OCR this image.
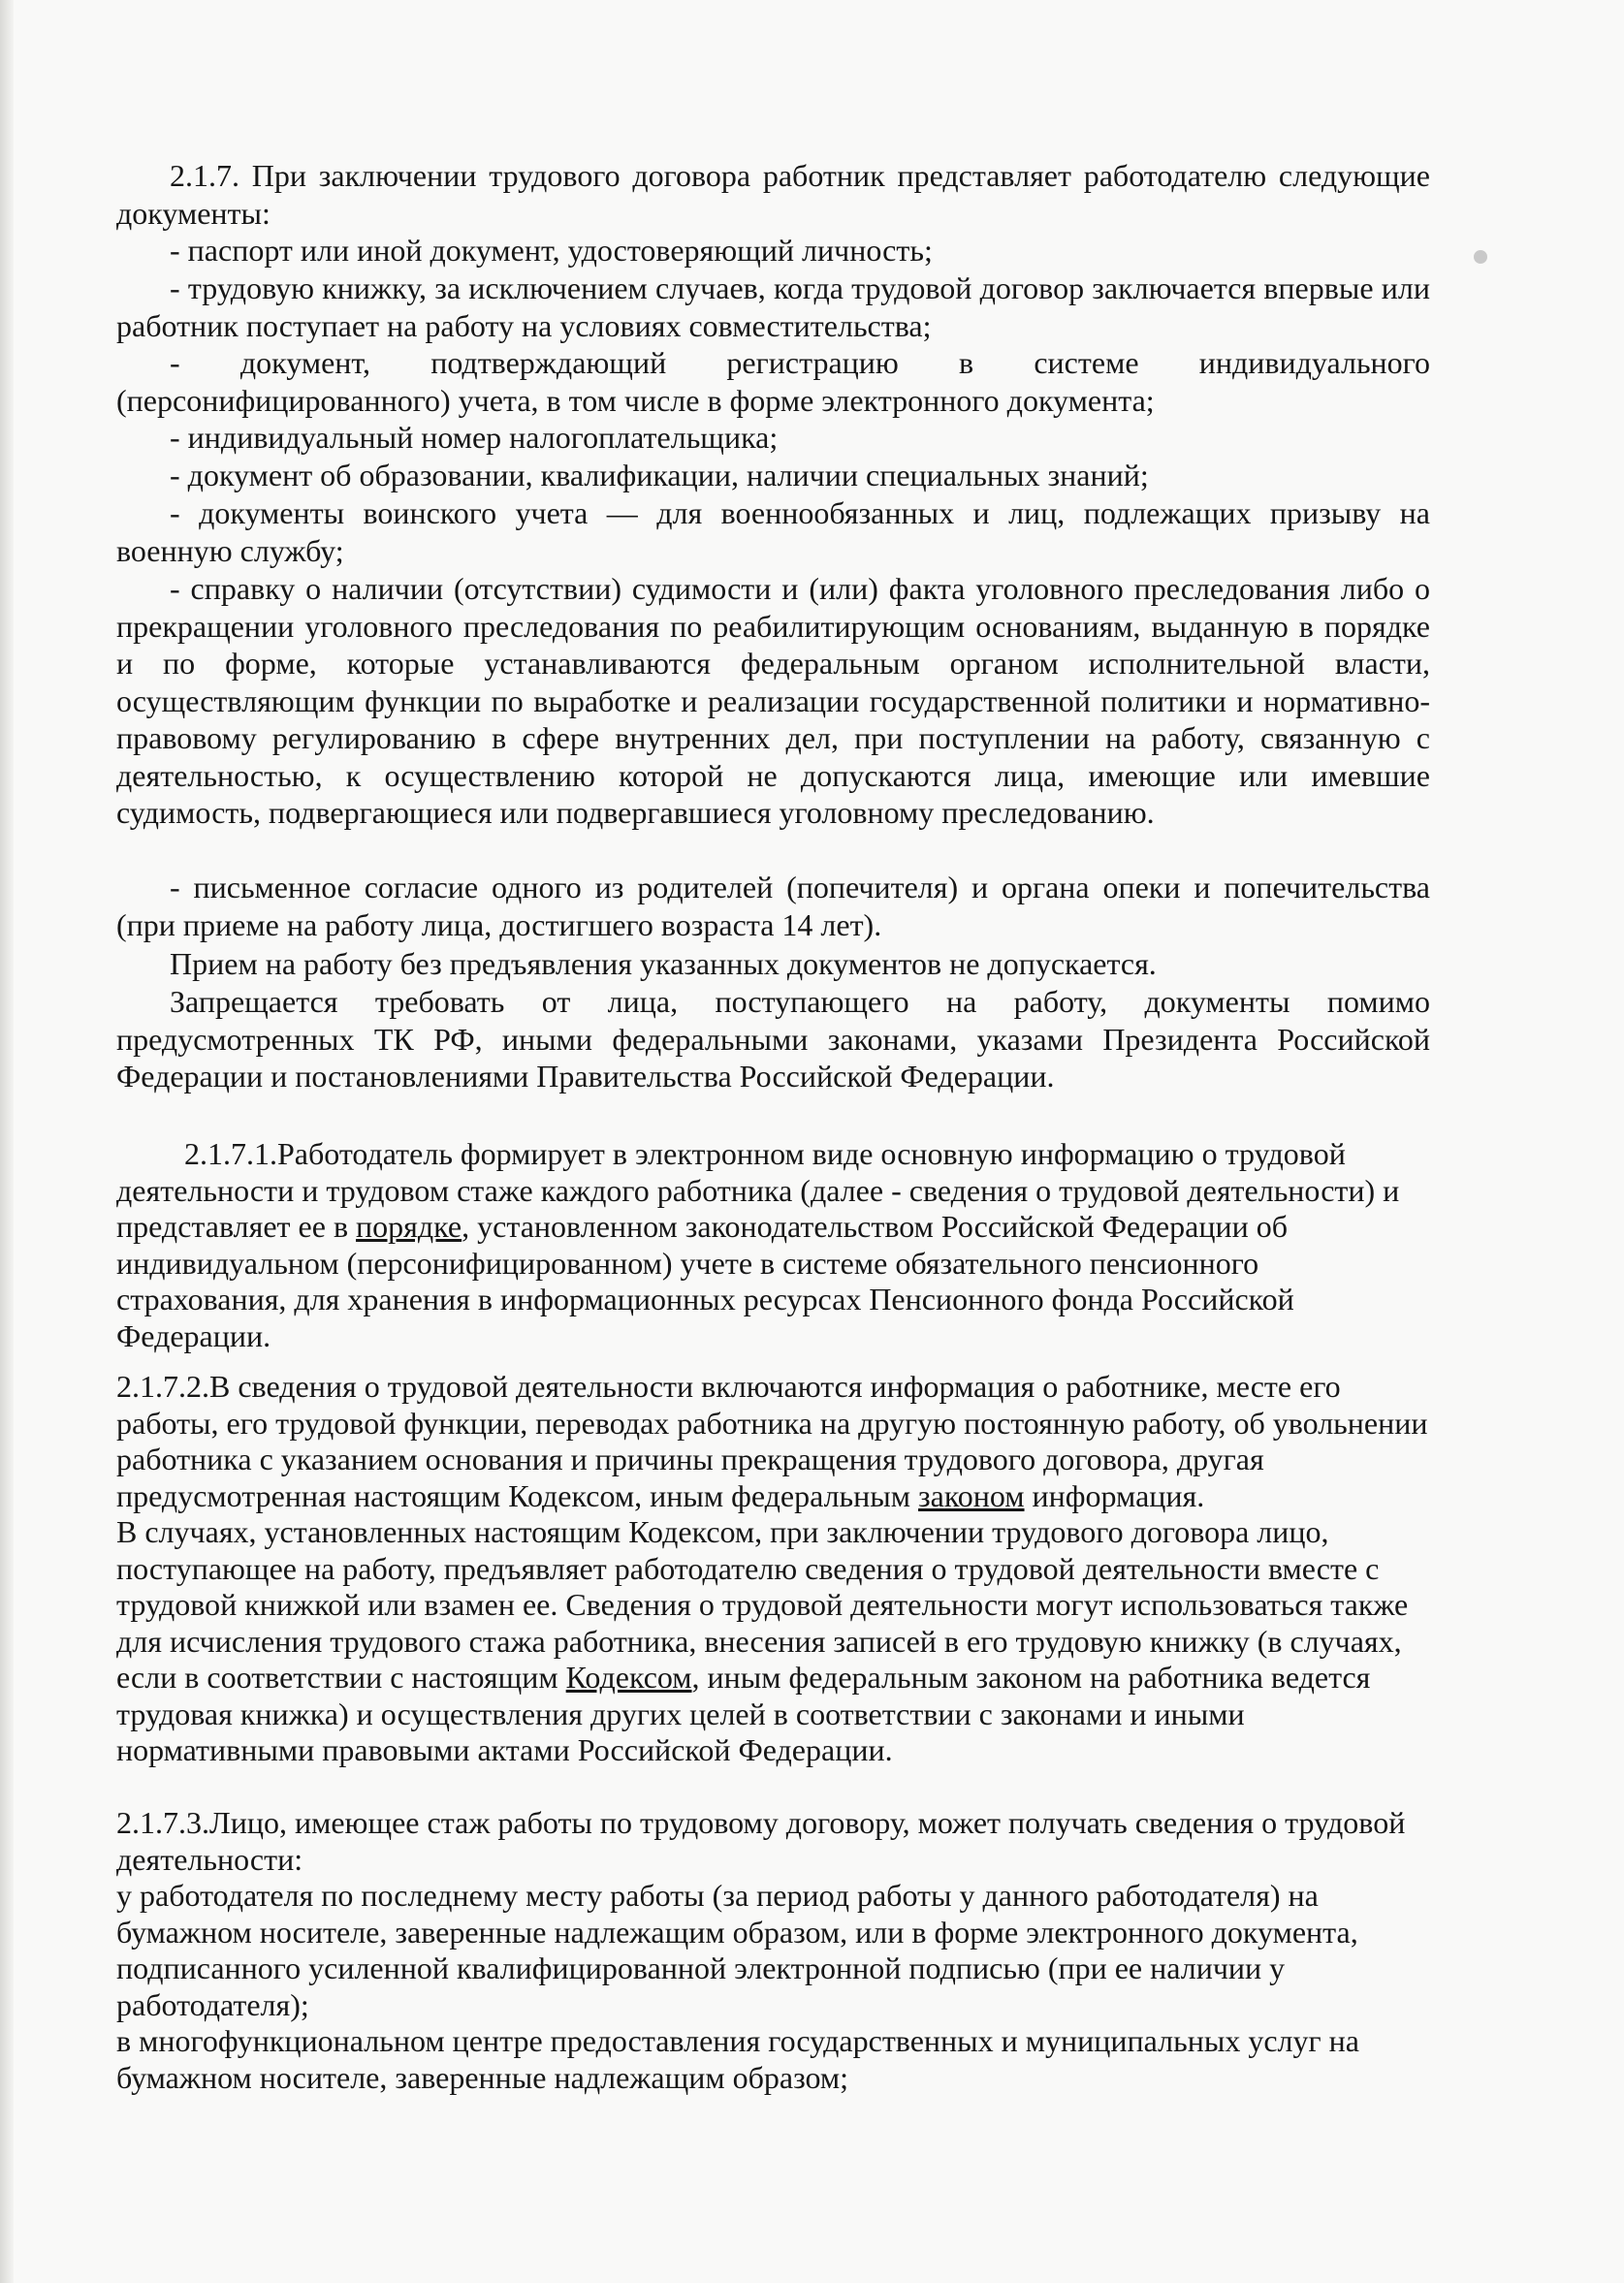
2.1.7. При заключении трудового договора работник представляет работодателю следующие документы:

- паспорт или иной документ, удостоверяющий личность;

- трудовую книжку, за исключением случаев, когда трудовой договор заключается впервые или работник поступает на работу на условиях совместительства;

- документ, подтверждающий регистрацию в системе индивидуального (персонифицированного) учета, в том числе в форме электронного документа;

- индивидуальный номер налогоплательщика;

- документ об образовании, квалификации, наличии специальных знаний;

- документы воинского учета — для военнообязанных и лиц, подлежащих призыву на военную службу;

- справку о наличии (отсутствии) судимости и (или) факта уголовного преследования либо о прекращении уголовного преследования по реабилитирующим основаниям, выданную в порядке и по форме, которые устанавливаются федеральным органом исполнительной власти, осуществляющим функции по выработке и реализации государственной политики и нормативно-правовому регулированию в сфере внутренних дел, при поступлении на работу, связанную с деятельностью, к осуществлению которой не допускаются лица, имеющие или имевшие судимость, подвергающиеся или подвергавшиеся уголовному преследованию.

- письменное согласие одного из родителей (попечителя) и органа опеки и попечительства (при приеме на работу лица, достигшего возраста 14 лет).

Прием на работу без предъявления указанных документов не допускается.

Запрещается требовать от лица, поступающего на работу, документы помимо предусмотренных ТК РФ, иными федеральными законами, указами Президента Российской Федерации и постановлениями Правительства Российской Федерации.

2.1.7.1.Работодатель формирует в электронном виде основную информацию о трудовой деятельности и трудовом стаже каждого работника (далее - сведения о трудовой деятельности) и представляет ее в порядке, установленном законодательством Российской Федерации об индивидуальном (персонифицированном) учете в системе обязательного пенсионного страхования, для хранения в информационных ресурсах Пенсионного фонда Российской Федерации.

2.1.7.2.В сведения о трудовой деятельности включаются информация о работнике, месте его работы, его трудовой функции, переводах работника на другую постоянную работу, об увольнении работника с указанием основания и причины прекращения трудового договора, другая предусмотренная настоящим Кодексом, иным федеральным законом информация.

В случаях, установленных настоящим Кодексом, при заключении трудового договора лицо, поступающее на работу, предъявляет работодателю сведения о трудовой деятельности вместе с трудовой книжкой или взамен ее. Сведения о трудовой деятельности могут использоваться также для исчисления трудового стажа работника, внесения записей в его трудовую книжку (в случаях, если в соответствии с настоящим Кодексом, иным федеральным законом на работника ведется трудовая книжка) и осуществления других целей в соответствии с законами и иными нормативными правовыми актами Российской Федерации.

2.1.7.3.Лицо, имеющее стаж работы по трудовому договору, может получать сведения о трудовой деятельности:

у работодателя по последнему месту работы (за период работы у данного работодателя) на бумажном носителе, заверенные надлежащим образом, или в форме электронного документа, подписанного усиленной квалифицированной электронной подписью (при ее наличии у работодателя);

в многофункциональном центре предоставления государственных и муниципальных услуг на бумажном носителе, заверенные надлежащим образом;
